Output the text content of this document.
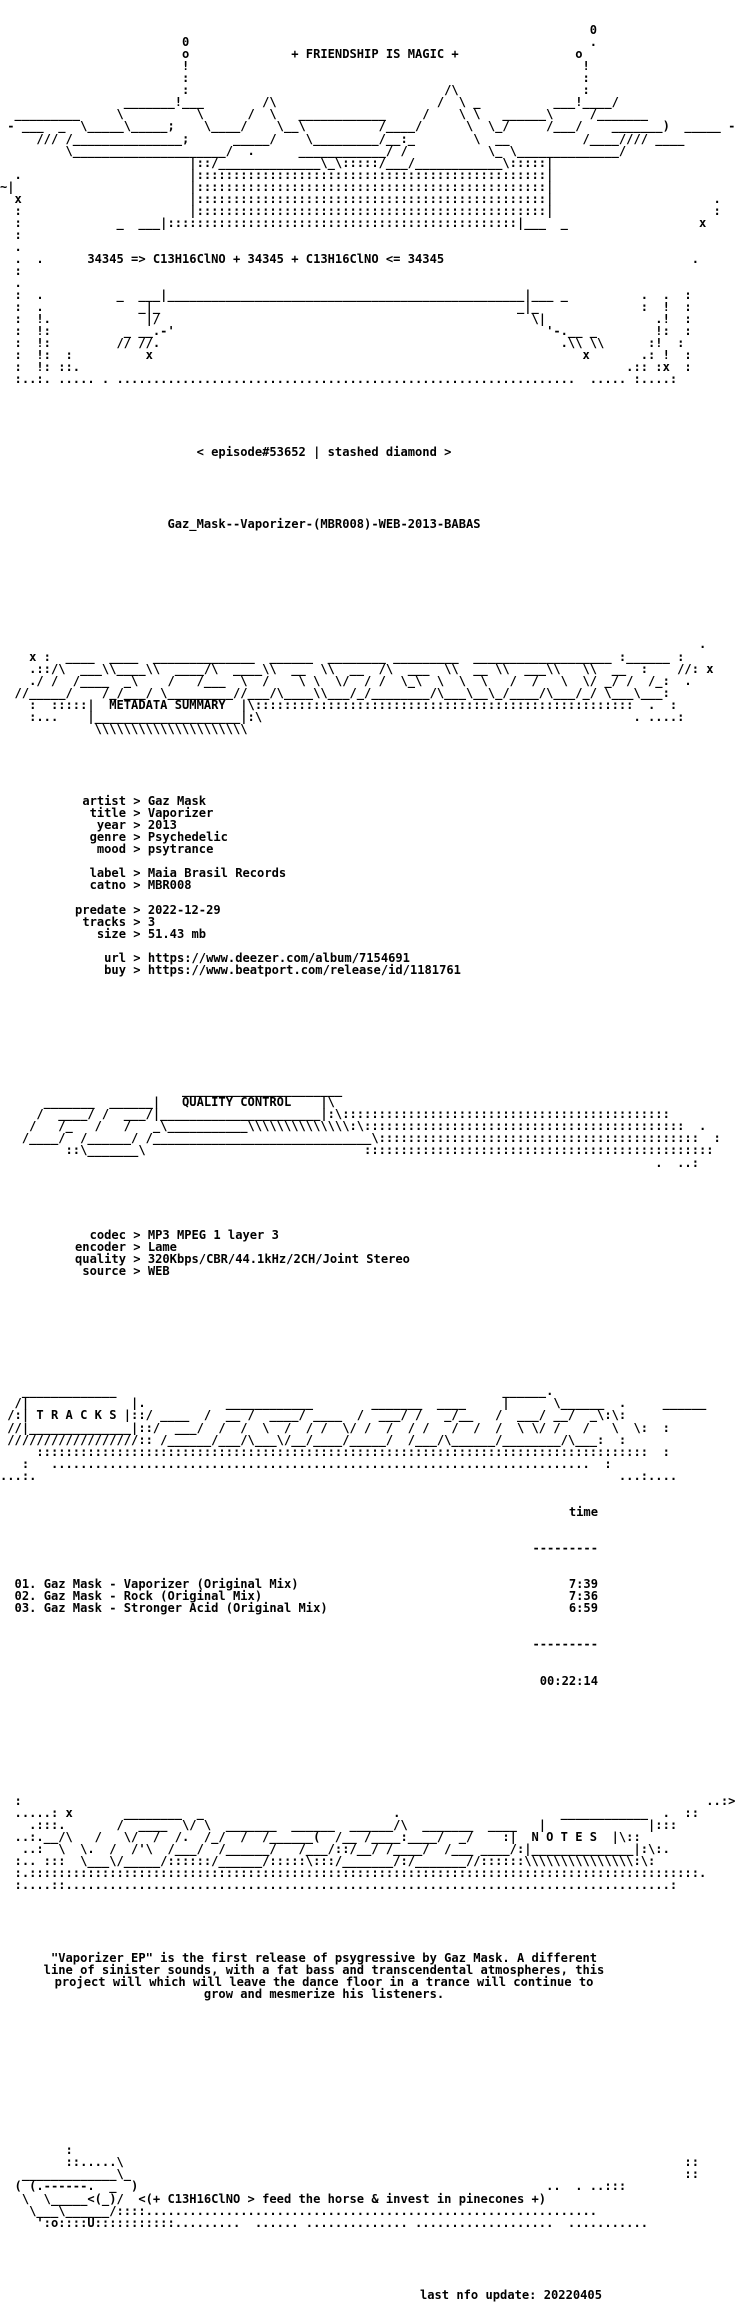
0
0                                                       .
o              + FRIENDSHIP IS MAGIC +                o
!                                                      !
:                                                      :
:                                   /\                 :
_______!___        /\                      /  \ _          ___!____/
_________     \          \      /  \   ____________     /    \ \   ______\     /_______
- ___  _  \_____\_____;    \____/    \__\          /____/      \  \_/     /___/    _______)  _____ -
/// /_______________;      _____/    \_________/__:_        \  __          /____//// ____
\_____________________/  .      ____________/ /           \_ \______________/
|::/______________\_\:::::/___/____________\:::::|
.                       |::::::::::::::::::::::::::::::::::::::::::::::::|
~|                        |::::::::::::::::::::::::::::::::::::::::::::::::|
x                       |::::::::::::::::::::::::::::::::::::::::::::::::|                      .
:                       |::::::::::::::::::::::::::::::::::::::::::::::::|                      :
:             _  ___|::::::::::::::::::::::::::::::::::::::::::::::::|___  _                  x
:
.
.  .      34345 => C13H16ClNO + 34345 + C13H16ClNO <= 34345                                  .
:
.
:  .          _  ___|_________________________________________________|___ _          .  .  :
:  .             _|_                                                 _|_              :  !  :
:  !.             |/                                                   \|               .!  :
:  !:          _ __.-'                                                   '-.__ _        !:  :
:  !:         // //.                                                       .\\ \\      :!  :
:  !:  :          x                                                           x       .: !  :
:  !: ::.                                                                           .:: :x  :
:..:. ..... . ...............................................................  ..... :....:

< episode#53652 | stashed diamond >

Gaz_Mask--Vaporizer-(MBR008)-WEB-2013-BABAS

.
x :  ____  ____  ______________  ______  ________ _________  ___________________ :______ :
.::/\  ___\\____\\  ____/\  ____\\  __  \\  __  /\  ___  \\  __ \\  ___\\   \\  __  :    //: x
./ /  /____  _\    /   /___  \  /    \ \  \/  / /  \_\  \  \  \   /  /   \  \/ _/ /  /_:  .
//_____/    /_/___/ \_________//___/\____\\___/_/________/\___\__\_/____/\___/_/ \___\___:
:  :::::|  METADATA SUMMARY  |\::::::::::::::::::::::::::::::::::::::::::::::::::::  .  :
:...    |____________________|:\                                                   . ....:
\\\\\\\\\\\\\\\\\\\\\

artist > Gaz Mask
title > Vaporizer
year > 2013
genre > Psychedelic
mood > psytrance

label > Maia Brasil Records
catno > MBR008

predate > 2022-12-29
tracks > 3
size > 51.43 mb

url > https://www.deezer.com/album/7154691
buy > https://www.beatport.com/release/id/1181761

______________________
_______  ______|   QUALITY CONTROL    |\
/  ____/ /  ___/|______________________|:\:::::::::::::::::::::::::::::::::::::::::::::
/   /_   /   /   _\___________\\\\\\\\\\\\\\:\::::::::::::::::::::::::::::::::::::::::::::  .
/____/  /______/ /______________________________\::::::::::::::::::::::::::::::::::::::::::::  :
::\_______\                              ::::::::::::::::::::::::::::::::::::::::::::::::
.  ..:

codec > MP3 MPEG 1 layer 3
encoder > Lame
quality > 320Kbps/CBR/44.1kHz/2CH/Joint Stereo
source > WEB

_____________                                                     ______.
/|              |.           ____________        _______  ____     |      \______  .     ______
/:| T R A C K S |::/ ____  /  __ /  ____/ ____  /  ___/ /   _/__   /  ___/ __/  _\:\:
//|______________|::/  ___/  /  /  \  /  / /  \/ /  /  / /   /  /  /  \ \/ /   /   \  \:  :
//////////////////:: /______/___/\___\/__/____/_____/  /___/\______/________/\___:  :
::::::::::::::::::::::::::::::::::::::::::::::::::::::::::::::::::::::::::::::::::::  :
:   ..........................................................................  :
...:.                                                                                ...:....

time

---------

7:39
01. Gaz Mask - Vaporizer (Original Mix)
7:36
02. Gaz Mask - Rock (Original Mix)
6:59
03. Gaz Mask - Stronger Acid (Original Mix)

---------

00:22:14

:                                                                                              ..:>
.....: x       ________  _                          .                      ____________  .  ::
.:::.       /  ____  \/ \  _______  ______  ______/\  _______  ____   |              |:::
..:.__/\   /   \/  /  /.  /_/  /  /______(  /__ /____:____/  _/    :|  N O T E S  |\::
..:  \  \.  /  /'\  /___/  /______/   /___/::/__/ /____/  /___ ____/:|______________|:\:.
:.. :::  \___\/_____/::::::/______/:::::\:::/_______/:/_______//::::::\\\\\\\\\\\\\\\:\:
:.::::::::::::::::::::::::::::::::::::::::::::::::::::::::::::::::::::::::::::::::::::::::::::.
:....::...................................................................................:

"Vaporizer EP" is the first release of psygressive by Gaz Mask. A different line of sinister sounds, with a fat bass and transcendental atmospheres, this project will which will leave the dance floor in a trance will continue to grow and mesmerize his listeners.

:
::.....\                                                                             ::
_____________\_                                                                            ::
( (.------.  _  )                                                        ..  . ..:::
\  \_____<(_)/  <(+ C13H16ClNO > feed the horse & invest in pinecones +)
\___\______/::::..............................................................
':o::::U:::::::::::.........  ...... .............. ...................  ...........

last nfo update: 20220405
